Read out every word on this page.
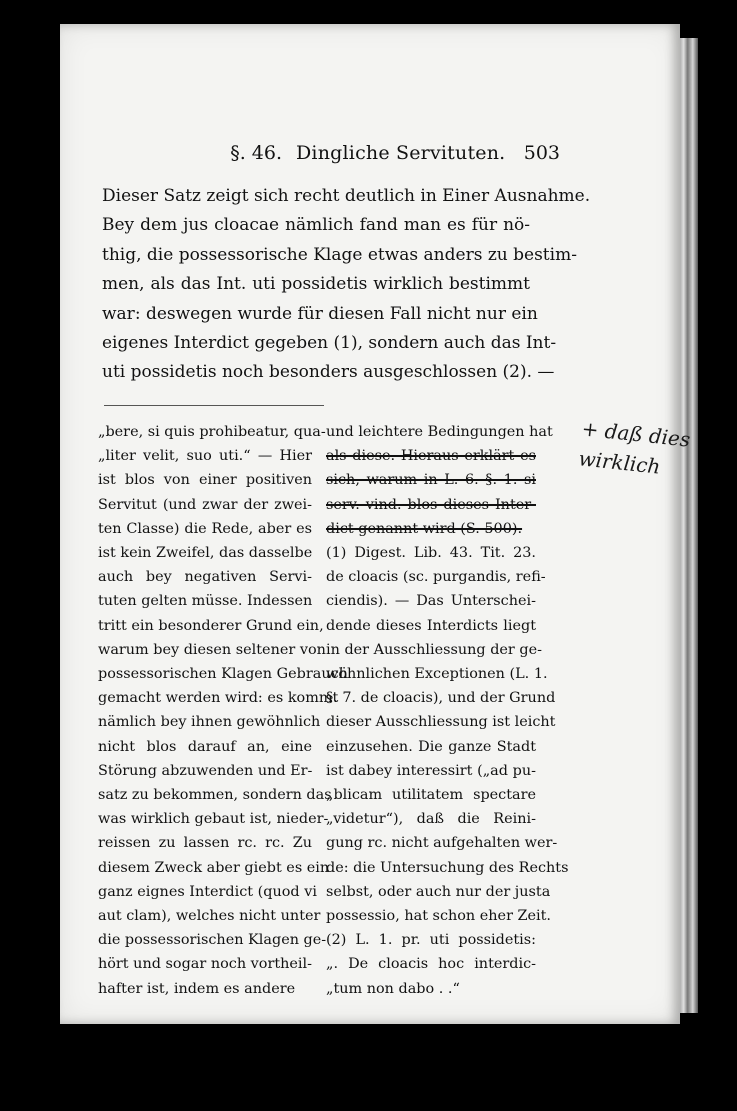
§. 46. Dingliche Servituten. 503
Dieser Satz zeigt sich recht deutlich in Einer Ausnahme.
Bey dem jus cloacae nämlich fand man es für nö-
thig, die possessorische Klage etwas anders zu bestim-
men, als das Int. uti possidetis wirklich bestimmt
war: deswegen wurde für diesen Fall nicht nur ein
eigenes Interdict gegeben (1), sondern auch das Int-
uti possidetis noch besonders ausgeschlossen (2). —
„bere, si quis prohibeatur, qua-
„liter velit, suo uti.“ — Hier
ist blos von einer positiven
Servitut (und zwar der zwei-
ten Classe) die Rede, aber es
ist kein Zweifel, das dasselbe
auch bey negativen Servi-
tuten gelten müsse. Indessen
tritt ein besonderer Grund ein,
warum bey diesen seltener von
possessorischen Klagen Gebrauch
gemacht werden wird: es kommt
nämlich bey ihnen gewöhnlich
nicht blos darauf an, eine
Störung abzuwenden und Er-
satz zu bekommen, sondern das
was wirklich gebaut ist, nieder-
reissen zu lassen rc. rc. Zu
diesem Zweck aber giebt es ein
ganz eignes Interdict (quod vi
aut clam), welches nicht unter
die possessorischen Klagen ge-
hört und sogar noch vortheil-
hafter ist, indem es andere
und leichtere Bedingungen hat
als diese. Hieraus erklärt es
sich, warum in L. 6. §. 1. si
serv. vind. blos dieses Inter-
dict genannt wird (S. 500).
(1) Digest. Lib. 43. Tit. 23.
de cloacis (sc. purgandis, refi-
ciendis). — Das Unterschei-
dende dieses Interdicts liegt
in der Ausschliessung der ge-
wöhnlichen Exceptionen (L. 1.
§. 7. de cloacis), und der Grund
dieser Ausschliessung ist leicht
einzusehen. Die ganze Stadt
ist dabey interessirt („ad pu-
„blicam utilitatem spectare
„videtur“), daß die Reini-
gung rc. nicht aufgehalten wer-
de: die Untersuchung des Rechts
selbst, oder auch nur der justa
possessio, hat schon eher Zeit.
(2) L. 1. pr. uti possidetis:
„. De cloacis hoc interdic-
„tum non dabo . .“
+ daß dies
wirklich
